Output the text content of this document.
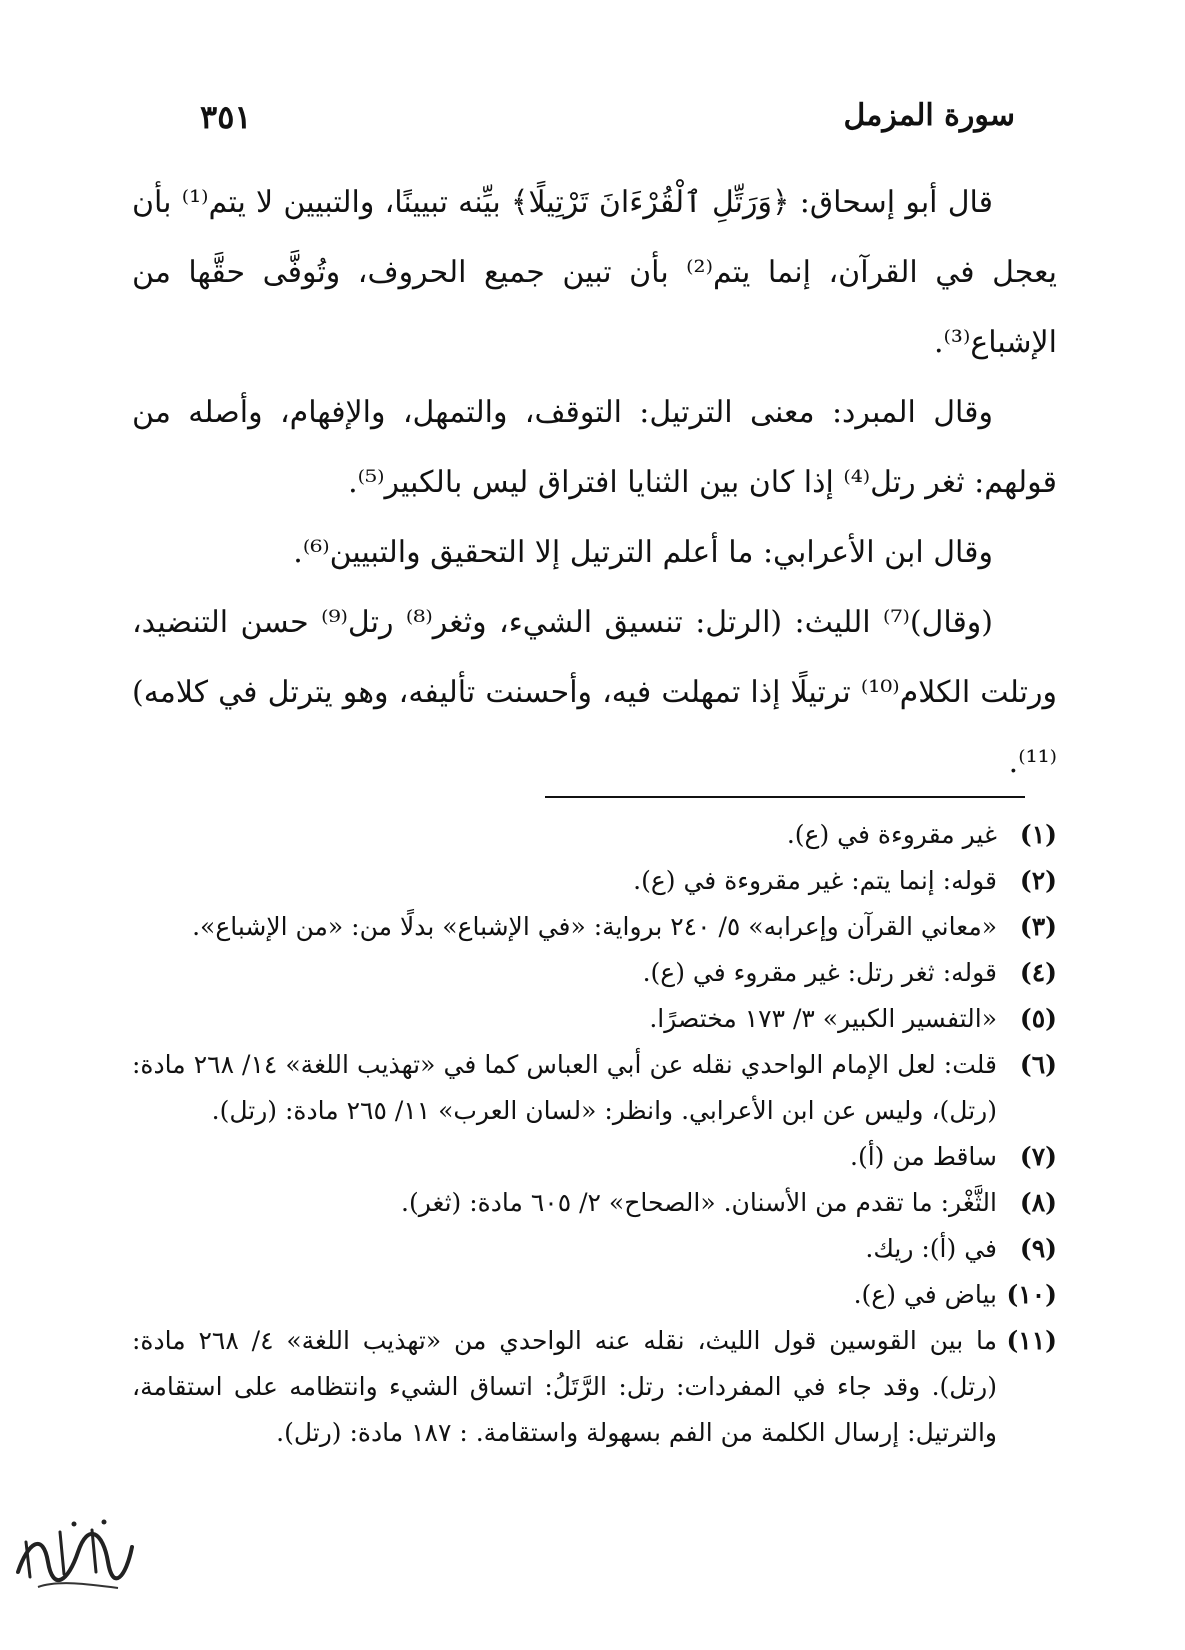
سورة المزمل
٣٥١

قال أبو إسحاق: ﴿وَرَتِّلِ ٱلْقُرْءَانَ تَرْتِيلًا﴾ بيِّنه تبيينًا، والتبيين لا يتم⁽¹⁾ بأن يعجل في القرآن، إنما يتم⁽²⁾ بأن تبين جميع الحروف، وتُوفَّى حقَّها من الإشباع⁽³⁾.

وقال المبرد: معنى الترتيل: التوقف، والتمهل، والإفهام، وأصله من قولهم: ثغر رتل⁽⁴⁾ إذا كان بين الثنايا افتراق ليس بالكبير⁽⁵⁾.

وقال ابن الأعرابي: ما أعلم الترتيل إلا التحقيق والتبيين⁽⁶⁾.

(وقال)⁽⁷⁾ الليث: (الرتل: تنسيق الشيء، وثغر⁽⁸⁾ رتل⁽⁹⁾ حسن التنضيد، ورتلت الكلام⁽¹⁰⁾ ترتيلًا إذا تمهلت فيه، وأحسنت تأليفه، وهو يترتل في كلامه)⁽¹¹⁾.

(١)
غير مقروءة في (ع).
(٢)
قوله: إنما يتم: غير مقروءة في (ع).
(٣)
«معاني القرآن وإعرابه» ٥/ ٢٤٠ برواية: «في الإشباع» بدلًا من: «من الإشباع».
(٤)
قوله: ثغر رتل: غير مقروء في (ع).
(٥)
«التفسير الكبير» ٣/ ١٧٣ مختصرًا.
(٦)
قلت: لعل الإمام الواحدي نقله عن أبي العباس كما في «تهذيب اللغة» ١٤/ ٢٦٨ مادة: (رتل)، وليس عن ابن الأعرابي. وانظر: «لسان العرب» ١١/ ٢٦٥ مادة: (رتل).
(٧)
ساقط من (أ).
(٨)
الثَّغْر: ما تقدم من الأسنان. «الصحاح» ٢/ ٦٠٥ مادة: (ثغر).
(٩)
في (أ): ريك.
(١٠)
بياض في (ع).
(١١)
ما بين القوسين قول الليث، نقله عنه الواحدي من «تهذيب اللغة» ٤/ ٢٦٨ مادة: (رتل). وقد جاء في المفردات: رتل: الرَّتَلُ: اتساق الشيء وانتظامه على استقامة، والترتيل: إرسال الكلمة من الفم بسهولة واستقامة. : ١٨٧ مادة: (رتل).
